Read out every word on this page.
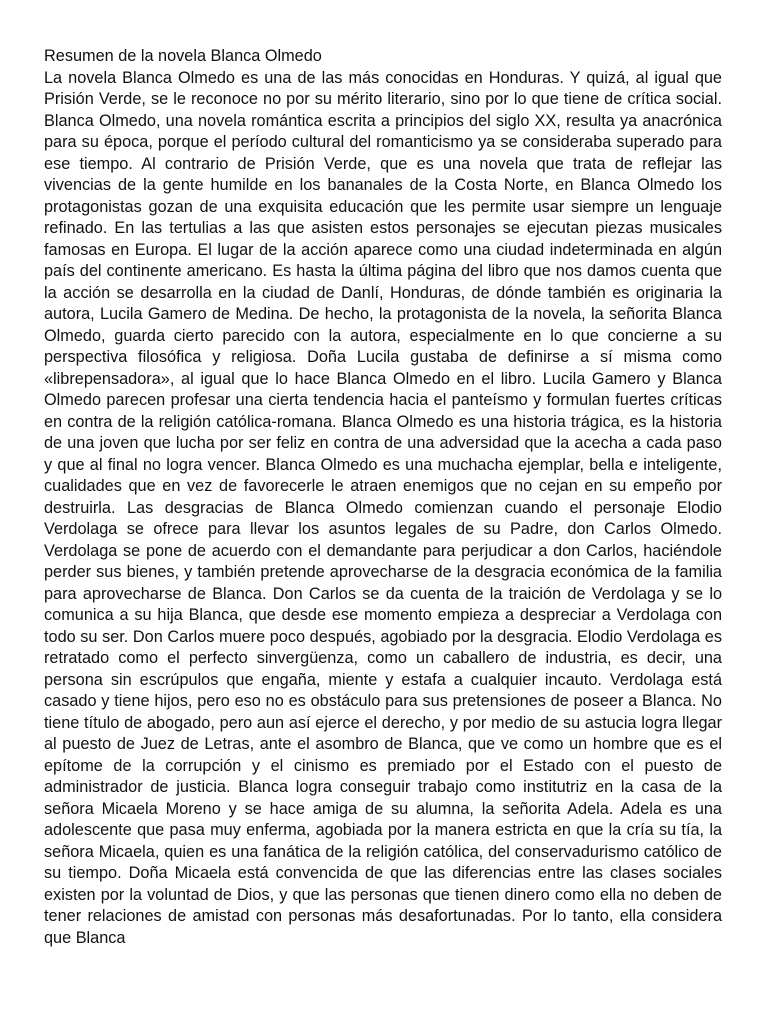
Resumen de la novela Blanca Olmedo

La novela Blanca Olmedo es una de las más conocidas en Honduras. Y quizá, al igual que Prisión Verde, se le reconoce no por su mérito literario, sino por lo que tiene de crítica social. Blanca Olmedo, una novela romántica escrita a principios del siglo XX, resulta ya anacrónica para su época, porque el período cultural del romanticismo ya se consideraba superado para ese tiempo. Al contrario de Prisión Verde, que es una novela que trata de reflejar las vivencias de la gente humilde en los bananales de la Costa Norte, en Blanca Olmedo los protagonistas gozan de una exquisita educación que les permite usar siempre un lenguaje refinado. En las tertulias a las que asisten estos personajes se ejecutan piezas musicales famosas en Europa. El lugar de la acción aparece como una ciudad indeterminada en algún país del continente americano. Es hasta la última página del libro que nos damos cuenta que la acción se desarrolla en la ciudad de Danlí, Honduras, de dónde también es originaria la autora, Lucila Gamero de Medina. De hecho, la protagonista de la novela, la señorita Blanca Olmedo, guarda cierto parecido con la autora, especialmente en lo que concierne a su perspectiva filosófica y religiosa. Doña Lucila gustaba de definirse a sí misma como «librepensadora», al igual que lo hace Blanca Olmedo en el libro. Lucila Gamero y Blanca Olmedo parecen profesar una cierta tendencia hacia el panteísmo y formulan fuertes críticas en contra de la religión católica-romana. Blanca Olmedo es una historia trágica, es la historia de una joven que lucha por ser feliz en contra de una adversidad que la acecha a cada paso y que al final no logra vencer. Blanca Olmedo es una muchacha ejemplar, bella e inteligente, cualidades que en vez de favorecerle le atraen enemigos que no cejan en su empeño por destruirla. Las desgracias de Blanca Olmedo comienzan cuando el personaje Elodio Verdolaga se ofrece para llevar los asuntos legales de su Padre, don Carlos Olmedo. Verdolaga se pone de acuerdo con el demandante para perjudicar a don Carlos, haciéndole perder sus bienes, y también pretende aprovecharse de la desgracia económica de la familia para aprovecharse de Blanca. Don Carlos se da cuenta de la traición de Verdolaga y se lo comunica a su hija Blanca, que desde ese momento empieza a despreciar a Verdolaga con todo su ser. Don Carlos muere poco después, agobiado por la desgracia. Elodio Verdolaga es retratado como el perfecto sinvergüenza, como un caballero de industria, es decir, una persona sin escrúpulos que engaña, miente y estafa a cualquier incauto. Verdolaga está casado y tiene hijos, pero eso no es obstáculo para sus pretensiones de poseer a Blanca. No tiene título de abogado, pero aun así ejerce el derecho, y por medio de su astucia logra llegar al puesto de Juez de Letras, ante el asombro de Blanca, que ve como un hombre que es el epítome de la corrupción y el cinismo es premiado por el Estado con el puesto de administrador de justicia. Blanca logra conseguir trabajo como institutriz en la casa de la señora Micaela Moreno y se hace amiga de su alumna, la señorita Adela. Adela es una adolescente que pasa muy enferma, agobiada por la manera estricta en que la cría su tía, la señora Micaela, quien es una fanática de la religión católica, del conservadurismo católico de su tiempo. Doña Micaela está convencida de que las diferencias entre las clases sociales existen por la voluntad de Dios, y que las personas que tienen dinero como ella no deben de tener relaciones de amistad con personas más desafortunadas. Por lo tanto, ella considera que Blanca
